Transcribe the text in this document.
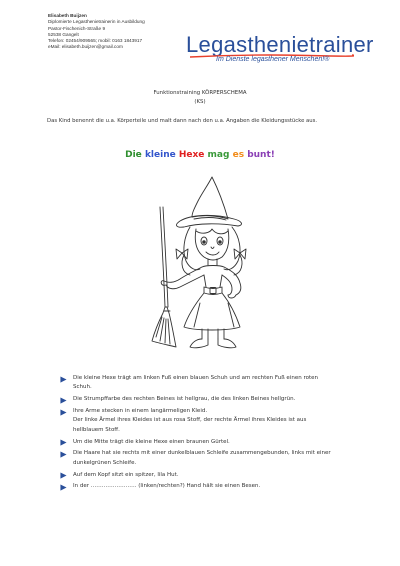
Elisabeth Buijzen
Diplomierte Legasthenietrainerin in Ausbildung
Pastor-Fischenich-Straße 9
52538 Gangelt
Telefon: 02454/909565; mobil: 0163 1843917
eMail: elisabeth.buijzen@gmail.com	Legasthenietrainer
Im Dienste legasthener Menschen!®
Funktionstraining KÖRPERSCHEMA
(KS)
Das Kind benennt die u.a. Körperteile und malt dann nach den u.a. Angaben die Kleidungsstücke aus.
Die kleine Hexe mag es bunt!
Die kleine Hexe trägt am linken Fuß einen blauen Schuh und am rechten Fuß einen roten
Schuh.
Die Strumpffarbe des rechten Beines ist hellgrau, die des linken Beines hellgrün.
Ihre Arme stecken in einem langärmeligen Kleid.
Der linke Ärmel ihres Kleides ist aus rosa Stoff, der rechte Ärmel ihres Kleides ist aus
hellblauem Stoff.
Um die Mitte trägt die kleine Hexe einen braunen Gürtel.
Die Haare hat sie rechts mit einer dunkelblauen Schleife zusammengebunden, links mit einer
dunkelgrünen Schleife.
Auf dem Kopf sitzt ein spitzer, lila Hut.
In der ……………………. (linken/rechten?) Hand hält sie einen Besen.
